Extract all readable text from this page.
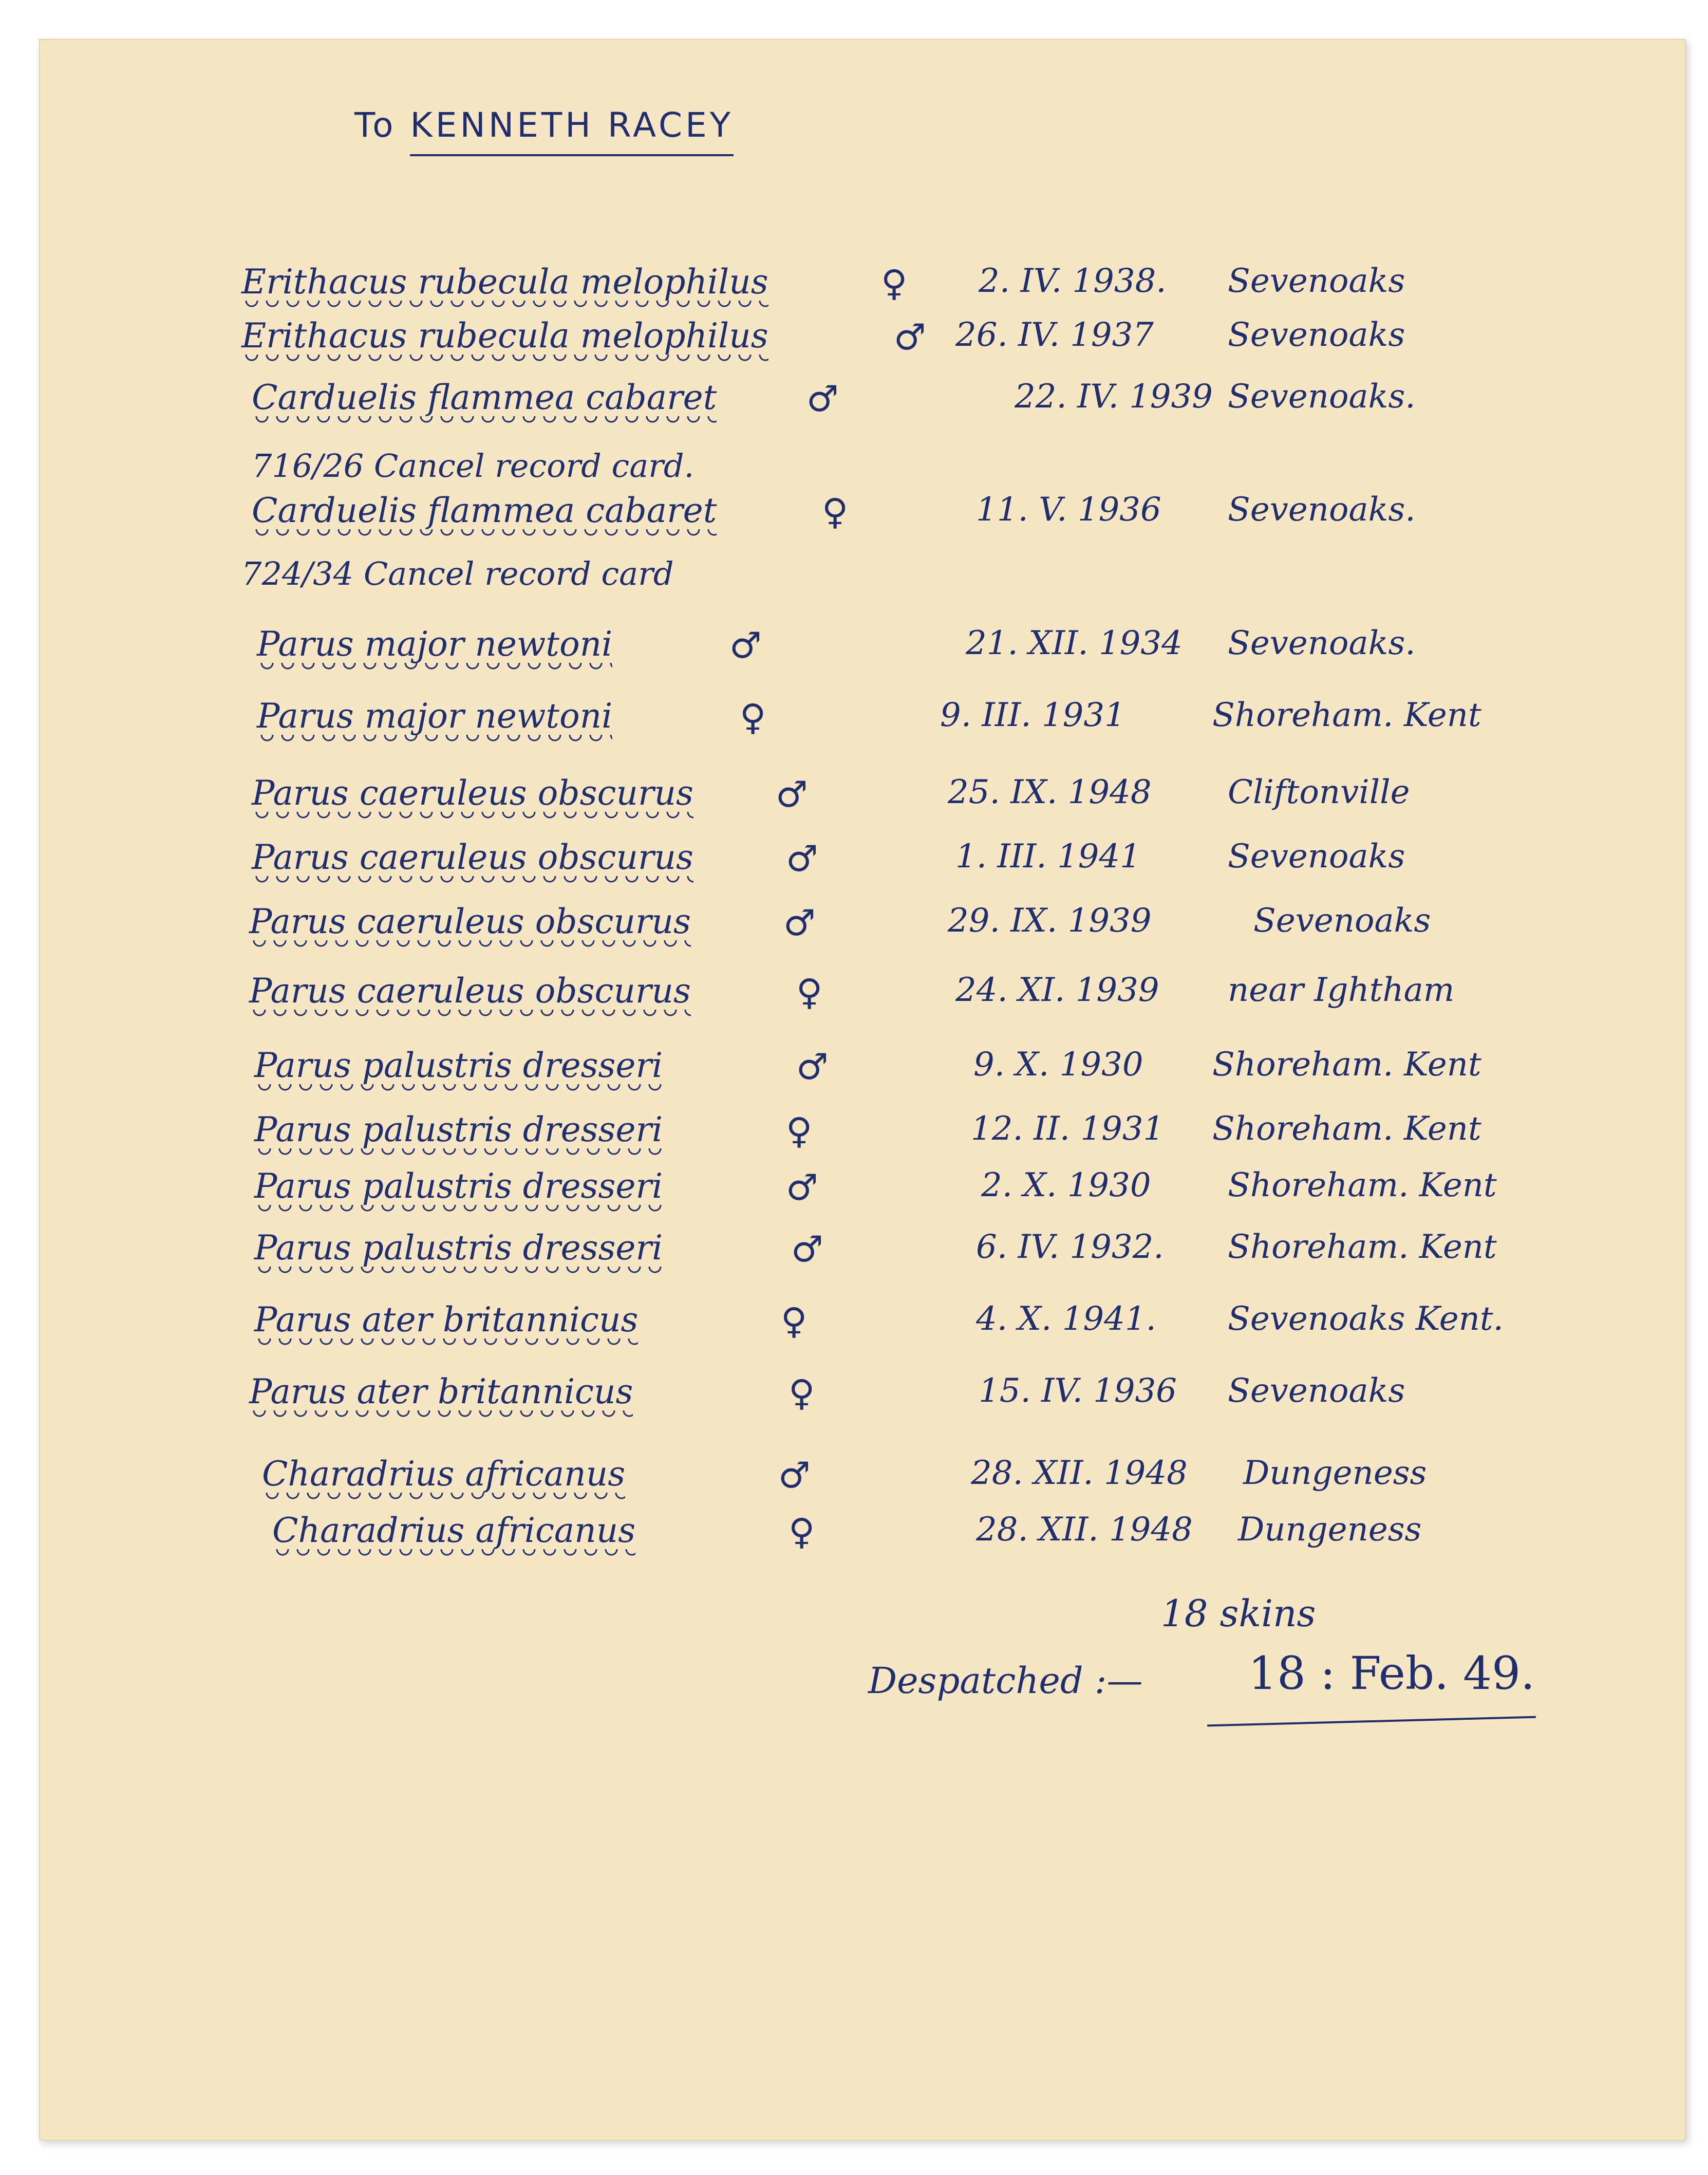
To KENNETH RACEY
Erithacus rubecula melophilus	♀ 2. IV. 1938. Sevenoaks
Erithacus rubecula melophilus	♂ 26. IV. 1937 Sevenoaks
Carduelis flammea cabaret ♂	22. IV. 1939 Sevenoaks.
716/26 Cancel record card.
Carduelis flammea cabaret	♀	11. V. 1936 Sevenoaks.
724/34 Cancel record card
Parus major newtoni	♂	21. XII. 1934 Sevenoaks.
Parus major newtoni	♀	9. III. 1931	Shoreham. Kent
Parus caeruleus obscurus ♂	25. IX. 1948 Cliftonville
Parus caeruleus obscurus	♂	1. III. 1941	Sevenoaks
Parus caeruleus obscurus	♂	29. IX. 1939	Sevenoaks
Parus caeruleus obscurus	♀	24. XI. 1939 near Ightham
Parus palustris dresseri	♂	9. X. 1930 Shoreham. Kent
Parus palustris dresseri	♀	12. II. 1931 Shoreham. Kent
Parus palustris dresseri	♂	2. X. 1930 Shoreham. Kent
Parus palustris dresseri	♂	6. IV. 1932. Shoreham. Kent
Parus ater britannicus	♀	4. X. 1941. Sevenoaks Kent.
Parus ater britannicus	♀	15. IV. 1936 Sevenoaks
Charadrius africanus	♂	28. XII. 1948 Dungeness
Charadrius africanus	♀	28. XII. 1948 Dungeness
18 skins
Despatched :— 18 : Feb. 49.
